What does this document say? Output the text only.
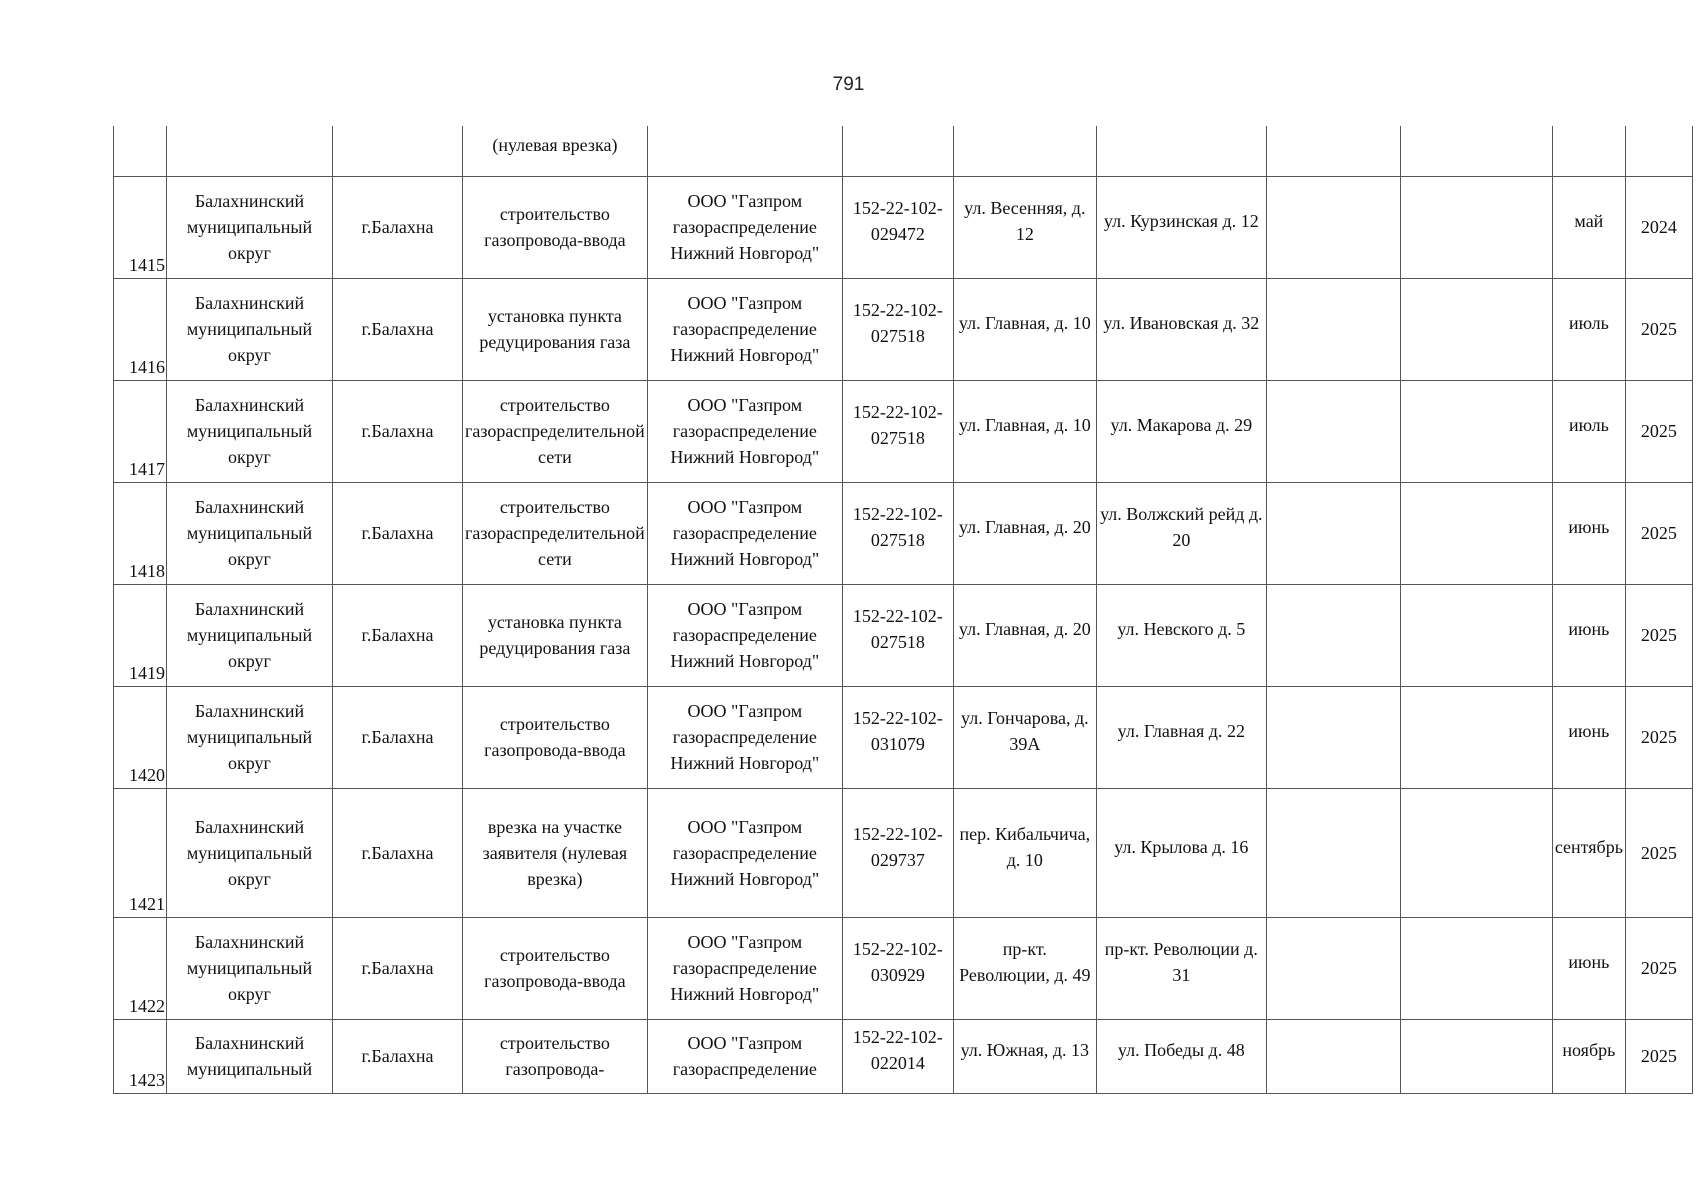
791

			(нулевая врезка)								

1415	Балахнинский муниципальный округ	г.Балахна	строительство газопровода-ввода	ООО "Газпром газораспределение Нижний Новгород"	152-22-102-029472	ул. Весенняя, д. 12	ул. Курзинская д. 12			май	2024

1416	Балахнинский муниципальный округ	г.Балахна	установка пункта редуцирования газа	ООО "Газпром газораспределение Нижний Новгород"	152-22-102-027518	ул. Главная, д. 10	ул. Ивановская д. 32			июль	2025

1417	Балахнинский муниципальный округ	г.Балахна	строительство газораспределительной сети	ООО "Газпром газораспределение Нижний Новгород"	152-22-102-027518	ул. Главная, д. 10	ул. Макарова д. 29			июль	2025

1418	Балахнинский муниципальный округ	г.Балахна	строительство газораспределительной сети	ООО "Газпром газораспределение Нижний Новгород"	152-22-102-027518	ул. Главная, д. 20	ул. Волжский рейд д. 20			июнь	2025

1419	Балахнинский муниципальный округ	г.Балахна	установка пункта редуцирования газа	ООО "Газпром газораспределение Нижний Новгород"	152-22-102-027518	ул. Главная, д. 20	ул. Невского д. 5			июнь	2025

1420	Балахнинский муниципальный округ	г.Балахна	строительство газопровода-ввода	ООО "Газпром газораспределение Нижний Новгород"	152-22-102-031079	ул. Гончарова, д. 39А	ул. Главная д. 22			июнь	2025

1421	Балахнинский муниципальный округ	г.Балахна	врезка на участке заявителя (нулевая врезка)	ООО "Газпром газораспределение Нижний Новгород"	152-22-102-029737	пер. Кибальчича, д. 10	ул. Крылова д. 16			сентябрь	2025

1422	Балахнинский муниципальный округ	г.Балахна	строительство газопровода-ввода	ООО "Газпром газораспределение Нижний Новгород"	152-22-102-030929	пр-кт. Революции, д. 49	пр-кт. Революции д. 31			июнь	2025

1423	Балахнинский муниципальный	г.Балахна	строительство газопровода-	ООО "Газпром газораспределение	152-22-102-022014	ул. Южная, д. 13	ул. Победы д. 48			ноябрь	2025
